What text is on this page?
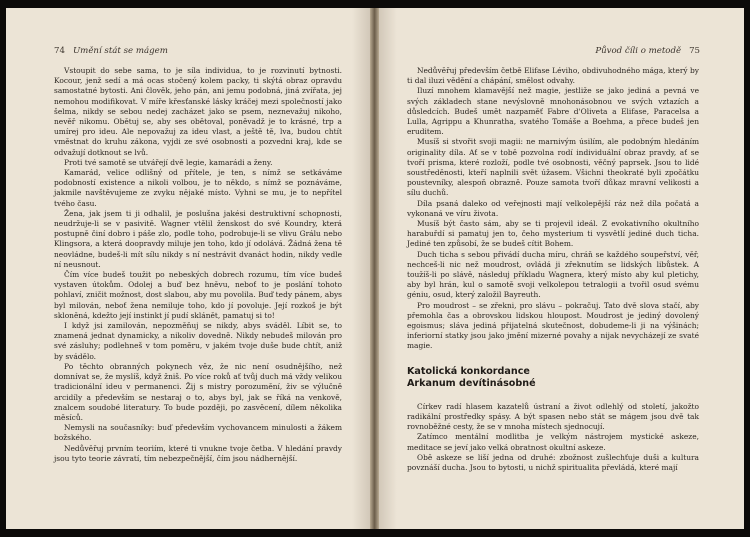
74 Umění stát se mágem

Vstoupit do sebe sama, to je síla individua, to je rozvinutí bytnosti. Kocour, jenž sedí a má ocas stočený kolem packy, ti skýtá obraz opravdu samostatné bytosti. Ani člověk, jeho pán, ani jemu podobná, jiná zvířata, jej nemohou modifikovat. V míře křesťanské lásky kráčej mezi společností jako šelma, nikdy se sebou nedej zacházet jako se psem, neznevažuj nikoho, nevěř nikomu. Obětuj se, aby ses obětoval, poněvadž je to krásné, trp a umírej pro ideu. Ale nepovažuj za ideu vlast, a ještě tě, lva, budou chtít vměstnat do kruhu zákona, vyjdi ze své osobnosti a pozvedni kraj, kde se odvažují dotknout se lvů.

Proti tvé samotě se utvářejí dvě legie, kamarádi a ženy.

Kamarád, velice odlišný od přítele, je ten, s nímž se setkáváme podobností existence a nikoli volbou, je to někdo, s nímž se poznáváme, jakmile navštěvujeme ze zvyku nějaké místo. Vyhni se mu, je to nepřítel tvého času.

Žena, jak jsem ti ji odhalil, je poslušna jakési destruktivní schopnosti, neudržuje-li se v pasivitě. Wagner vtělil ženskost do své Koundry, která postupně činí dobro i páše zlo, podle toho, podrobuje-li se vlivu Grálu nebo Klingsora, a která doopravdy miluje jen toho, kdo jí odolává. Žádná žena tě neovládne, budeš-li mít sílu nikdy s ní nestrávit dvanáct hodin, nikdy vedle ní neusnout.

Čím více budeš toužit po nebeských dobrech rozumu, tím více budeš vystaven útokům. Odolej a buď bez hněvu, neboť to je poslání tohoto pohlaví, zničit možnost, dost slabou, aby mu povolila. Buď tedy pánem, abys byl milován, neboť žena nemiluje toho, kdo jí povoluje. Její rozkoš je být skloněná, kdežto její instinkt jí pudí sklánět, pamatuj si to!

I když jsi zamilován, nepozměňuj se nikdy, abys sváděl. Líbit se, to znamená jednat dynamicky, a nikoliv dovedně. Nikdy nebudeš milován pro své zásluhy; podlehneš v tom poměru, v jakém tvoje duše bude chtít, aniž by svádělo.

Po těchto obranných pokynech věz, že nic není osudnějšího, než domnívat se, že myslíš, když žniš. Po více roků ať tvůj duch má vždy velikou tradicionální ideu v permanenci. Žij s mistry porozumění, živ se výlučně arcidíly a především se nestaraj o to, abys byl, jak se říká na venkově, znalcem soudobé literatury. To bude později, po zasvěcení, dílem několika měsíců.

Nemysli na současníky: buď především vychovancem minulosti a žákem božského.

Nedůvěřuj prvním teoriím, které ti vnukne tvoje četba. V hledání pravdy jsou tyto teorie závratí, tím nebezpečnější, čím jsou nádhernější.

Původ číli o metodě 75

Nedůvěřuj především četbě Elifase Léviho, obdivuhodného mága, který by ti dal iluzi vědění a chápání, smělost odvahy.

Iluzí mnohem klamavější než magie, jestliže se jako jediná a pevná ve svých základech stane nevýslovně mnohonásobnou ve svých vztazích a důsledcích. Budeš umět nazpaměť Fabre d'Oliveta a Elifase, Paracelsa a Lulla, Agrippu a Khunratha, svatého Tomáše a Boehma, a přece budeš jen eruditem.

Musíš si stvořit svoji magii: ne marnivým úsilím, ale podobným hledáním originality díla. Ať se v tobě pozvolna rodí individuální obraz pravdy, ať se tvoří prisma, které rozloží, podle tvé osobnosti, věčný paprsek. Jsou to lidé soustředěnosti, kteří naplnili svět úžasem. Všichni theokraté byli zpočátku poustevníky, alespoň obrazně. Pouze samota tvoří důkaz mravní velikosti a sílu duchů.

Díla psaná daleko od veřejnosti mají velkolepější ráz než díla počatá a vykonaná ve víru života.

Musíš být často sám, aby se ti projevil ideál. Z evokativního okultního harabuřdí si pamatuj jen to, čeho mysterium ti vysvětlí jediné duch ticha. Jediné ten způsobí, že se budeš cítit Bohem.

Duch ticha s sebou přivádí ducha míru, chráň se každého soupeřství, věř, nechceš-li nic než moudrost, ovládá ji zřeknutím se lidských libůstek. A toužíš-li po slávě, následuj příkladu Wagnera, který místo aby kul pletichy, aby byl hrán, kul o samotě svoji velkolepou tetralogii a tvořil osud svému géniu, osud, který založil Bayreuth.

Pro moudrost – se zřekni, pro slávu – pokračuj. Tato dvě slova stačí, aby přemohla čas a obrovskou lidskou hloupost. Moudrost je jediný dovolený egoismus; sláva jediná přijatelná skutečnost, dobudeme-li ji na výšinách; inferiorní statky jsou jako jmění mizerné povahy a nijak nevycházejí ze svaté magie.

Katolická konkordance
Arkanum devítinásobné

Církev radí hlasem kazatelů ústraní a život odlehlý od století, jakožto radikální prostředky spásy. A být spasen nebo stát se mágem jsou dvě tak rovnoběžné cesty, že se v mnoha místech sjednocují.

Zatímco mentální modlitba je velkým nástrojem mystické askeze, meditace se jeví jako velká obratnost okultní askeze.

Obě askeze se liší jedna od druhé: zbožnost zušlechťuje duši a kultura povznáší ducha. Jsou to bytosti, u nichž spiritualita převládá, které mají
